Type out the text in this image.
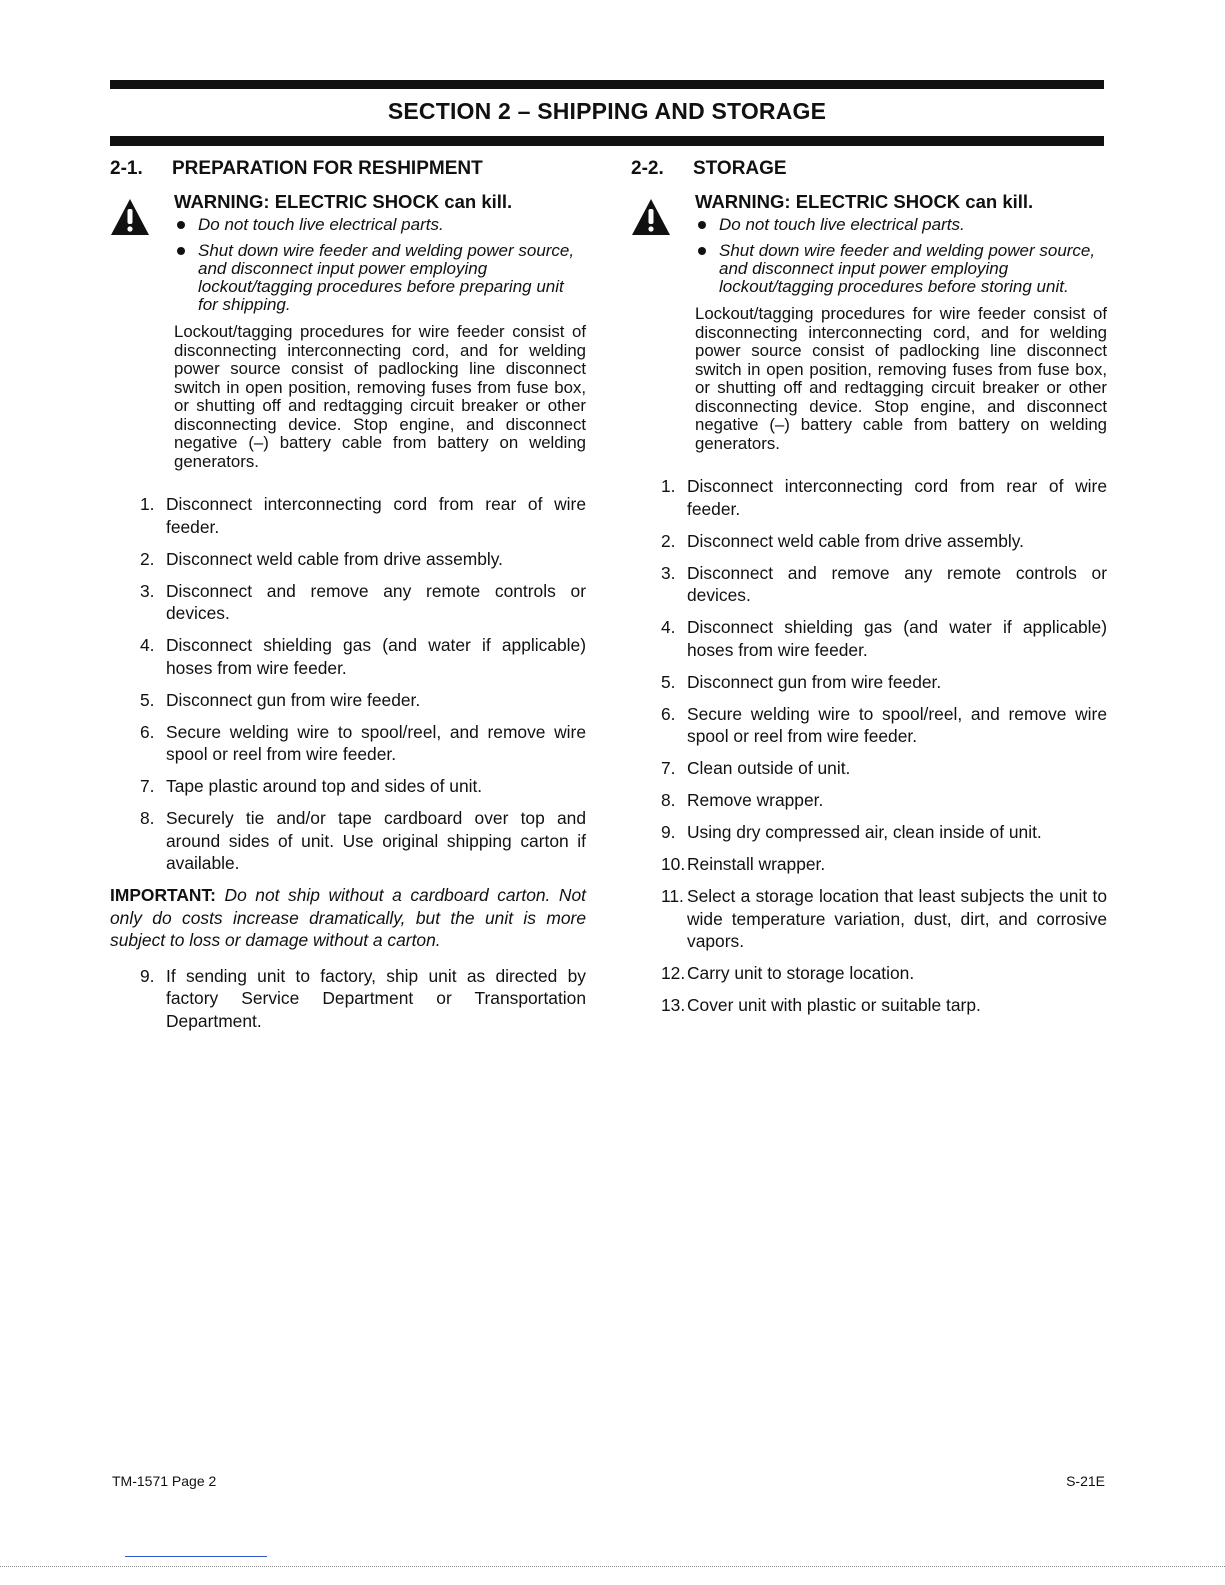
SECTION 2 – SHIPPING AND STORAGE
2-1.	PREPARATION FOR RESHIPMENT
WARNING: ELECTRIC SHOCK can kill.
Do not touch live electrical parts.
Shut down wire feeder and welding power source, and disconnect input power employing lockout/tagging procedures before preparing unit for shipping.
Lockout/tagging procedures for wire feeder consist of disconnecting interconnecting cord, and for welding power source consist of padlocking line disconnect switch in open position, removing fuses from fuse box, or shutting off and redtagging circuit breaker or other disconnecting device. Stop engine, and disconnect negative (–) battery cable from battery on welding generators.
1. Disconnect interconnecting cord from rear of wire feeder.
2. Disconnect weld cable from drive assembly.
3. Disconnect and remove any remote controls or devices.
4. Disconnect shielding gas (and water if applicable) hoses from wire feeder.
5. Disconnect gun from wire feeder.
6. Secure welding wire to spool/reel, and remove wire spool or reel from wire feeder.
7. Tape plastic around top and sides of unit.
8. Securely tie and/or tape cardboard over top and around sides of unit. Use original shipping carton if available.
IMPORTANT: Do not ship without a cardboard carton. Not only do costs increase dramatically, but the unit is more subject to loss or damage without a carton.
9. If sending unit to factory, ship unit as directed by factory Service Department or Transportation Department.
2-2.	STORAGE
WARNING: ELECTRIC SHOCK can kill.
Do not touch live electrical parts.
Shut down wire feeder and welding power source, and disconnect input power employing lockout/tagging procedures before storing unit.
Lockout/tagging procedures for wire feeder consist of disconnecting interconnecting cord, and for welding power source consist of padlocking line disconnect switch in open position, removing fuses from fuse box, or shutting off and redtagging circuit breaker or other disconnecting device. Stop engine, and disconnect negative (–) battery cable from battery on welding generators.
1. Disconnect interconnecting cord from rear of wire feeder.
2. Disconnect weld cable from drive assembly.
3. Disconnect and remove any remote controls or devices.
4. Disconnect shielding gas (and water if applicable) hoses from wire feeder.
5. Disconnect gun from wire feeder.
6. Secure welding wire to spool/reel, and remove wire spool or reel from wire feeder.
7. Clean outside of unit.
8. Remove wrapper.
9. Using dry compressed air, clean inside of unit.
10. Reinstall wrapper.
11. Select a storage location that least subjects the unit to wide temperature variation, dust, dirt, and corrosive vapors.
12. Carry unit to storage location.
13. Cover unit with plastic or suitable tarp.
TM-1571 Page 2	S-21E
